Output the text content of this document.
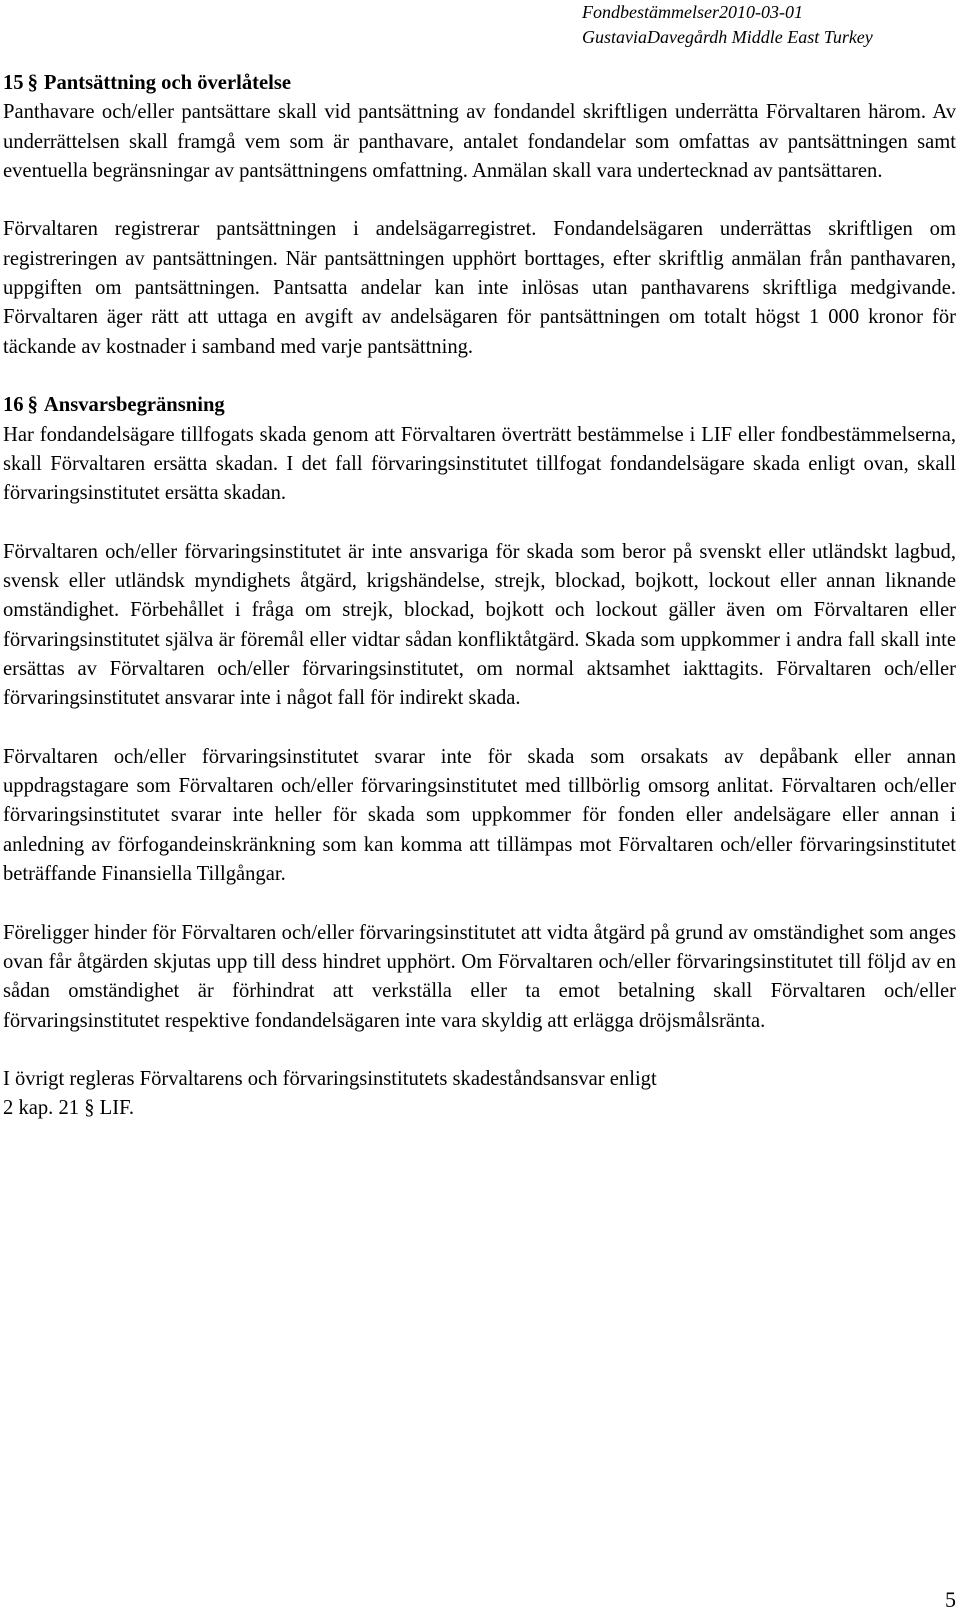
Fondbestämmelser2010-03-01 GustaviaDavegårdh Middle East Turkey
15 § Pantsättning och överlåtelse

Panthavare och/eller pantsättare skall vid pantsättning av fondandel skriftligen underrätta Förvaltaren härom. Av underrättelsen skall framgå vem som är panthavare, antalet fondandelar som omfattas av pantsättningen samt eventuella begränsningar av pantsättningens omfattning. Anmälan skall vara undertecknad av pantsättaren.

Förvaltaren registrerar pantsättningen i andelsägarregistret. Fondandelsägaren underrättas skriftligen om registreringen av pantsättningen. När pantsättningen upphört borttages, efter skriftlig anmälan från panthavaren, uppgiften om pantsättningen. Pantsatta andelar kan inte inlösas utan panthavarens skriftliga medgivande. Förvaltaren äger rätt att uttaga en avgift av andelsägaren för pantsättningen om totalt högst 1 000 kronor för täckande av kostnader i samband med varje pantsättning.

16 § Ansvarsbegränsning

Har fondandelsägare tillfogats skada genom att Förvaltaren överträtt bestämmelse i LIF eller fondbestämmelserna, skall Förvaltaren ersätta skadan. I det fall förvaringsinstitutet tillfogat fondandelsägare skada enligt ovan, skall förvaringsinstitutet ersätta skadan.

Förvaltaren och/eller förvaringsinstitutet är inte ansvariga för skada som beror på svenskt eller utländskt lagbud, svensk eller utländsk myndighets åtgärd, krigshändelse, strejk, blockad, bojkott, lockout eller annan liknande omständighet. Förbehållet i fråga om strejk, blockad, bojkott och lockout gäller även om Förvaltaren eller förvaringsinstitutet själva är föremål eller vidtar sådan konfliktåtgärd. Skada som uppkommer i andra fall skall inte ersättas av Förvaltaren och/eller förvaringsinstitutet, om normal aktsamhet iakttagits. Förvaltaren och/eller förvaringsinstitutet ansvarar inte i något fall för indirekt skada.

Förvaltaren och/eller förvaringsinstitutet svarar inte för skada som orsakats av depåbank eller annan uppdragstagare som Förvaltaren och/eller förvaringsinstitutet med tillbörlig omsorg anlitat. Förvaltaren och/eller förvaringsinstitutet svarar inte heller för skada som uppkommer för fonden eller andelsägare eller annan i anledning av förfogandeinskränkning som kan komma att tillämpas mot Förvaltaren och/eller förvaringsinstitutet beträffande Finansiella Tillgångar.

Föreligger hinder för Förvaltaren och/eller förvaringsinstitutet att vidta åtgärd på grund av omständighet som anges ovan får åtgärden skjutas upp till dess hindret upphört. Om Förvaltaren och/eller förvaringsinstitutet till följd av en sådan omständighet är förhindrat att verkställa eller ta emot betalning skall Förvaltaren och/eller förvaringsinstitutet respektive fondandelsägaren inte vara skyldig att erlägga dröjsmålsränta.

I övrigt regleras Förvaltarens och förvaringsinstitutets skadeståndsansvar enligt
2 kap. 21 § LIF.

5
